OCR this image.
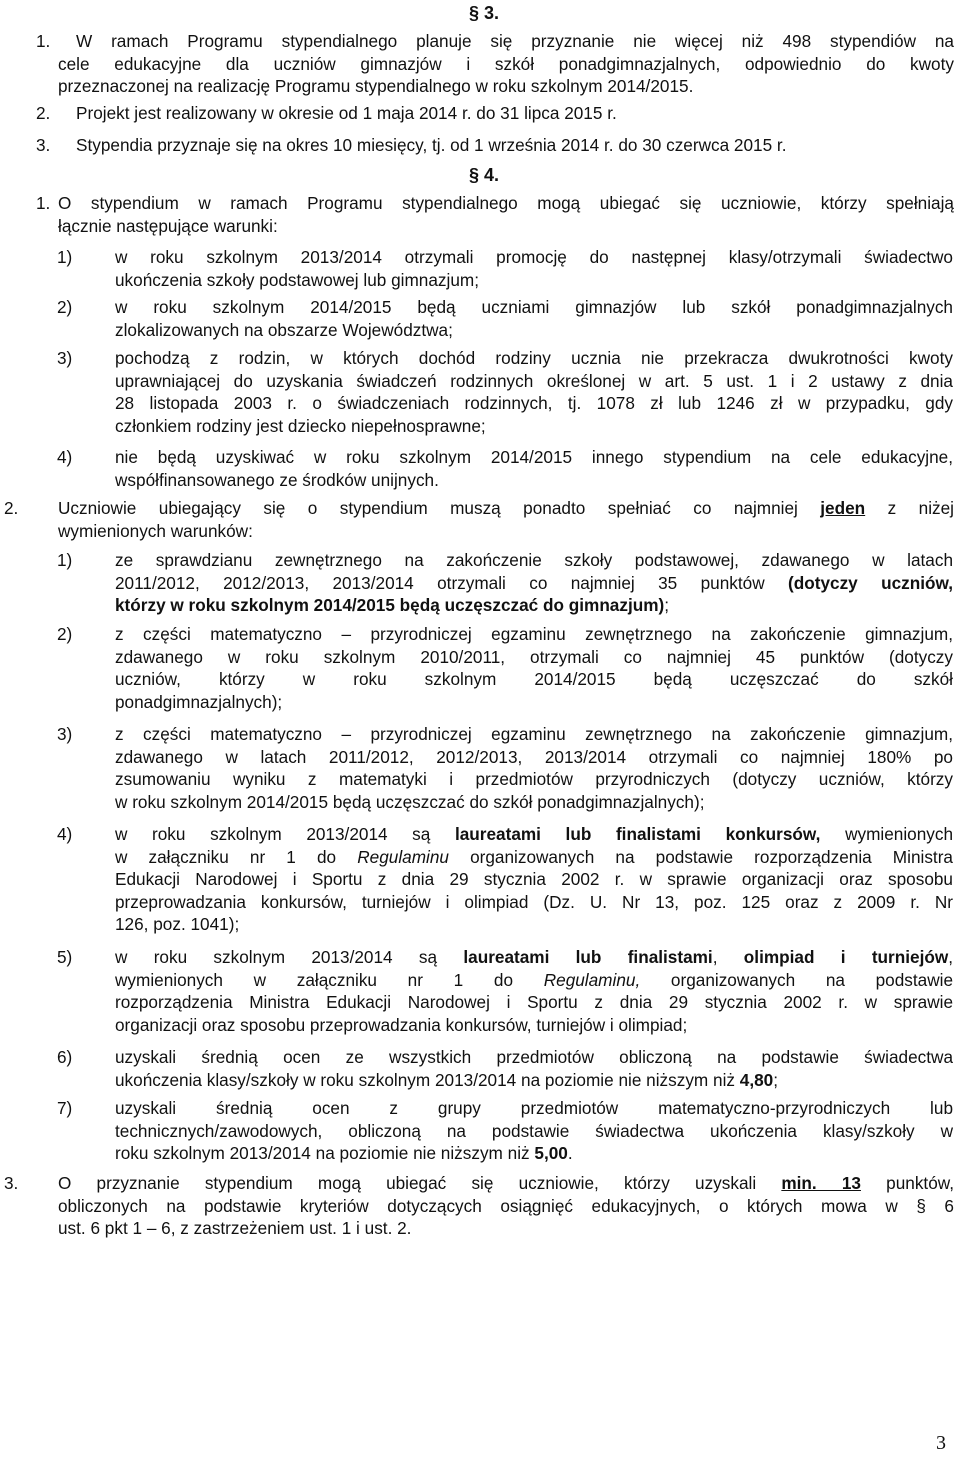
§ 3.
1.	W ramach Programu stypendialnego planuje się przyznanie nie więcej niż 498 stypendiów na
cele edukacyjne dla uczniów gimnazjów i szkół ponadgimnazjalnych, odpowiednio do kwoty
przeznaczonej na realizację Programu stypendialnego w roku szkolnym 2014/2015.
2.	Projekt jest realizowany w okresie od 1 maja 2014 r. do 31 lipca 2015 r.
3.	Stypendia przyznaje się na okres 10 miesięcy, tj. od 1 września 2014 r. do 30 czerwca 2015 r.
§ 4.
1. O stypendium w ramach Programu stypendialnego mogą ubiegać się uczniowie, którzy spełniają
łącznie następujące warunki:
1)	w roku szkolnym 2013/2014 otrzymali promocję do następnej klasy/otrzymali świadectwo
ukończenia szkoły podstawowej lub gimnazjum;
2)	w roku szkolnym 2014/2015 będą uczniami gimnazjów lub szkół ponadgimnazjalnych
zlokalizowanych na obszarze Województwa;
3)	pochodzą z rodzin, w których dochód rodziny ucznia nie przekracza dwukrotności kwoty
uprawniającej do uzyskania świadczeń rodzinnych określonej w art. 5 ust. 1 i 2 ustawy z dnia
28 listopada 2003 r. o świadczeniach rodzinnych, tj. 1078 zł lub 1246 zł w przypadku, gdy
członkiem rodziny jest dziecko niepełnosprawne;
4)	nie będą uzyskiwać w roku szkolnym 2014/2015 innego stypendium na cele edukacyjne,
współfinansowanego ze środków unijnych.
2.	Uczniowie ubiegający się o stypendium muszą ponadto spełniać co najmniej jeden z niżej
wymienionych warunków:
1)	ze sprawdzianu zewnętrznego na zakończenie szkoły podstawowej, zdawanego w latach
2011/2012, 2012/2013, 2013/2014 otrzymali co najmniej 35 punktów (dotyczy uczniów,
którzy w roku szkolnym 2014/2015 będą uczęszczać do gimnazjum);
2)	z części matematyczno – przyrodniczej egzaminu zewnętrznego na zakończenie gimnazjum,
zdawanego w roku szkolnym 2010/2011, otrzymali co najmniej 45 punktów (dotyczy
uczniów, którzy w roku szkolnym 2014/2015 będą uczęszczać do szkół
ponadgimnazjalnych);
3)	z części matematyczno – przyrodniczej egzaminu zewnętrznego na zakończenie gimnazjum,
zdawanego w latach 2011/2012, 2012/2013, 2013/2014 otrzymali co najmniej 180% po
zsumowaniu wyniku z matematyki i przedmiotów przyrodniczych (dotyczy uczniów, którzy
w roku szkolnym 2014/2015 będą uczęszczać do szkół ponadgimnazjalnych);
4)	w roku szkolnym 2013/2014 są laureatami lub finalistami konkursów, wymienionych
w załączniku nr 1 do Regulaminu organizowanych na podstawie rozporządzenia Ministra
Edukacji Narodowej i Sportu z dnia 29 stycznia 2002 r. w sprawie organizacji oraz sposobu
przeprowadzania konkursów, turniejów i olimpiad (Dz. U. Nr 13, poz. 125 oraz z 2009 r. Nr
126, poz. 1041);
5)	w roku szkolnym 2013/2014 są laureatami lub finalistami, olimpiad i turniejów,
wymienionych w załączniku nr 1 do Regulaminu, organizowanych na podstawie
rozporządzenia Ministra Edukacji Narodowej i Sportu z dnia 29 stycznia 2002 r. w sprawie
organizacji oraz sposobu przeprowadzania konkursów, turniejów i olimpiad;
6)	uzyskali średnią ocen ze wszystkich przedmiotów obliczoną na podstawie świadectwa
ukończenia klasy/szkoły w roku szkolnym 2013/2014 na poziomie nie niższym niż 4,80;
7)	uzyskali średnią ocen z grupy przedmiotów matematyczno-przyrodniczych lub
technicznych/zawodowych, obliczoną na podstawie świadectwa ukończenia klasy/szkoły w
roku szkolnym 2013/2014 na poziomie nie niższym niż 5,00.
3.	O przyznanie stypendium mogą ubiegać się uczniowie, którzy uzyskali min. 13 punktów,
obliczonych na podstawie kryteriów dotyczących osiągnięć edukacyjnych, o których mowa w § 6
ust. 6 pkt 1 – 6, z zastrzeżeniem ust. 1 i ust. 2.
3
